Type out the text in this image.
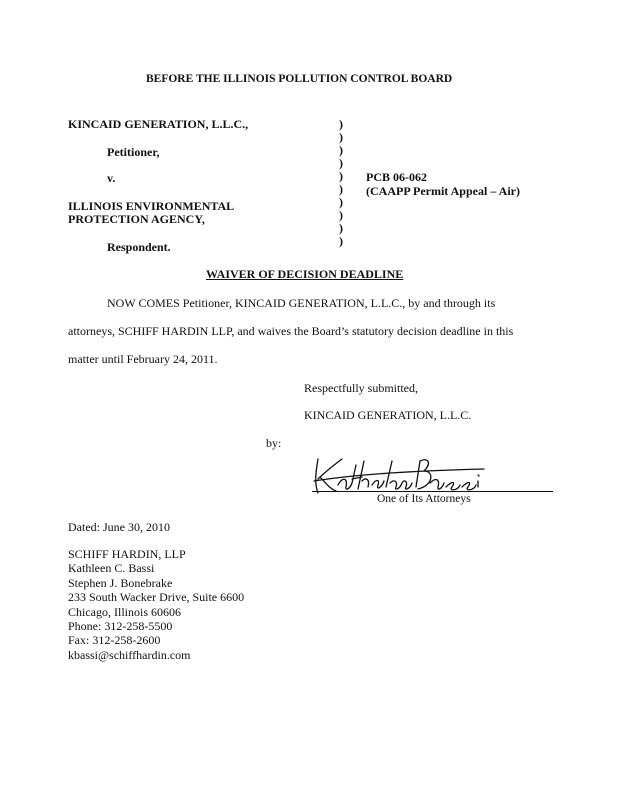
BEFORE THE ILLINOIS POLLUTION CONTROL BOARD
KINCAID GENERATION, L.L.C.,
Petitioner,
v.
ILLINOIS ENVIRONMENTAL
PROTECTION AGENCY,
Respondent.
)
)
)
)
)
)
)
)
)
)
PCB 06-062
(CAAPP Permit Appeal – Air)
WAIVER OF DECISION DEADLINE
NOW COMES Petitioner, KINCAID GENERATION, L.L.C., by and through its
attorneys, SCHIFF HARDIN LLP, and waives the Board’s statutory decision deadline in this
matter until February 24, 2011.
Respectfully submitted,
KINCAID GENERATION, L.L.C.
by:
One of Its Attorneys
Dated: June 30, 2010
SCHIFF HARDIN, LLP
Kathleen C. Bassi
Stephen J. Bonebrake
233 South Wacker Drive, Suite 6600
Chicago, Illinois 60606
Phone: 312-258-5500
Fax: 312-258-2600
kbassi@schiffhardin.com
